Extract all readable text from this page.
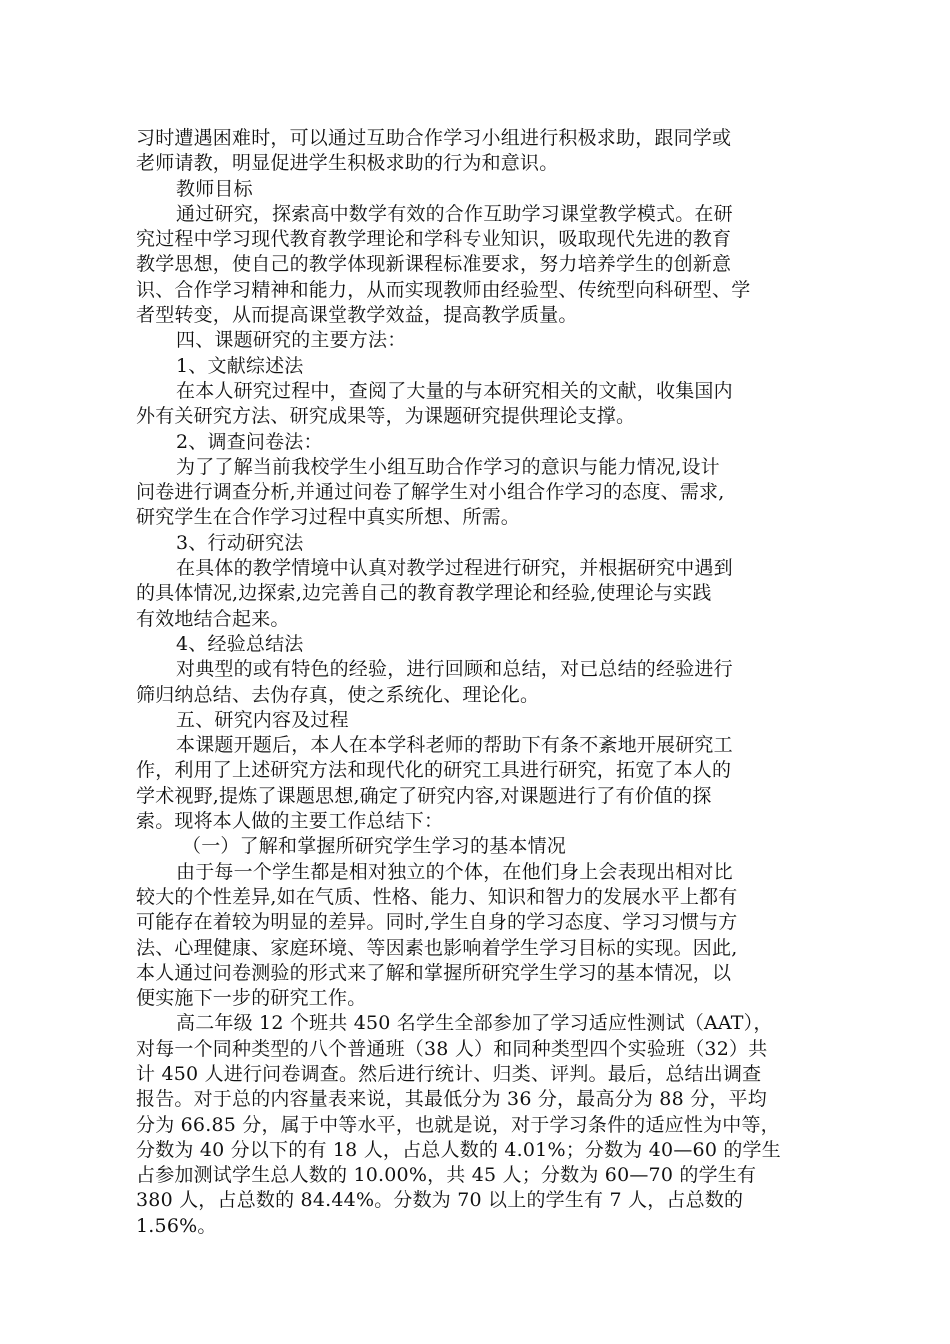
习时遭遇困难时，可以通过互助合作学习小组进行积极求助，跟同学或
老师请教，明显促进学生积极求助的行为和意识。
教师目标
通过研究，探索高中数学有效的合作互助学习课堂教学模式。在研
究过程中学习现代教育教学理论和学科专业知识，吸取现代先进的教育
教学思想，使自己的教学体现新课程标准要求，努力培养学生的创新意
识、合作学习精神和能力，从而实现教师由经验型、传统型向科研型、学
者型转变，从而提高课堂教学效益，提高教学质量。
四、课题研究的主要方法：
1、文献综述法
在本人研究过程中，查阅了大量的与本研究相关的文献，收集国内
外有关研究方法、研究成果等，为课题研究提供理论支撑。
2、调查问卷法：
为了了解当前我校学生小组互助合作学习的意识与能力情况,设计
问卷进行调查分析,并通过问卷了解学生对小组合作学习的态度、需求,
研究学生在合作学习过程中真实所想、所需。
3、行动研究法
在具体的教学情境中认真对教学过程进行研究，并根据研究中遇到
的具体情况,边探索,边完善自己的教育教学理论和经验,使理论与实践
有效地结合起来。
4、经验总结法
对典型的或有特色的经验，进行回顾和总结，对已总结的经验进行
筛归纳总结、去伪存真，使之系统化、理论化。
五、研究内容及过程
本课题开题后，本人在本学科老师的帮助下有条不紊地开展研究工
作，利用了上述研究方法和现代化的研究工具进行研究，拓宽了本人的
学术视野,提炼了课题思想,确定了研究内容,对课题进行了有价值的探
索。现将本人做的主要工作总结下：
（一）了解和掌握所研究学生学习的基本情况
由于每一个学生都是相对独立的个体，在他们身上会表现出相对比
较大的个性差异,如在气质、性格、能力、知识和智力的发展水平上都有
可能存在着较为明显的差异。同时,学生自身的学习态度、学习习惯与方
法、心理健康、家庭环境、等因素也影响着学生学习目标的实现。因此,
本人通过问卷测验的形式来了解和掌握所研究学生学习的基本情况，以
便实施下一步的研究工作。
高二年级 12 个班共 450 名学生全部参加了学习适应性测试（AAT），
对每一个同种类型的八个普通班（38 人）和同种类型四个实验班（32）共
计 450 人进行问卷调查。然后进行统计、归类、评判。最后，总结出调查
报告。对于总的内容量表来说，其最低分为 36 分，最高分为 88 分，平均
分为 66.85 分，属于中等水平，也就是说，对于学习条件的适应性为中等，
分数为 40 分以下的有 18 人，占总人数的 4.01%；分数为 40—60 的学生
占参加测试学生总人数的 10.00%，共 45 人；分数为 60—70 的学生有
380 人，占总数的 84.44%。分数为 70 以上的学生有 7 人，占总数的
1.56%。
